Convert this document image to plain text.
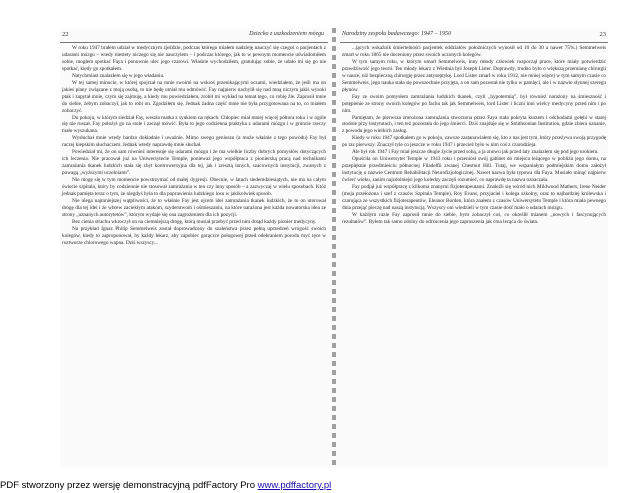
22	Dziecko z uszkodzeniem mózgu

W roku 1947 brałem udział w medycznym zjeździe, podczas którego miałem nadzieję nauczyć się czegoś o pacjentach z udarami mózgu – wtedy niestety niczego się nie nauczyłem – i podczas którego, jak to w pewnym momencie uświadomiłem sobie, mogłem spotkać Faya i ponownie ulec jego czarowi. Właśnie wychodziłem, gratulując sobie, że udało mi się go nie spotkać, kiedy go spotkałem.

Natychmiast znalazłem się w jego władaniu.

W tej samej minucie, w której spojrzał na mnie swoimi na wskroś przenikającymi oczami, wiedziałem, że jeśli ma on jakieś plany związane z moją osobą, to nie będę umiał mu odmówić. Fay najpierw nachylił się nad mną niczym jakiś wysoki ptak i zapytał mnie, czym się zajmuję, a kiedy mu powiedziałem, zrobił mi wykład na temat tego, co robię źle. Zaprosił mnie do siebie, żebym zobaczył, jak to robi on. Zgodziłem się. Jednak żadna część mnie nie była przygotowana na to, co miałem zobaczyć.

Do pokoju, w którym siedział Fay, weszła matka z synkiem na rękach. Chłopiec miał mniej więcej półtora roku i w ogóle się nie ruszał. Fay położył go na stole i zaczął mówić. Była to jego codzienna praktyka z udarami mózgu i w gruncie rzeczy mało wyszukana.

Wysłuchał mnie wtedy bardzo dokładnie i uważnie. Mimo swego geniuszu (a może właśnie z tego powodu) Fay był raczej kiepskim słuchaczem. Jednak wtedy naprawdę mnie słuchał.

Powiedział mi, że on sam również interesuje się udarami mózgu i że ma wielkie liczby dobrych pomysłów dotyczących ich leczenia. Nie pracował już na Uniwersytecie Temple, ponieważ jego współpraca z pionierską pracą nad technikami zamrażania tkanek ludzkich stała się zbyt kontrowersyjna dla tej, jak i zresztą innych, szacownych instytucji, zwanych z powagą „wyższymi uczelniami”.

Nie mogę się w tym momencie powstrzymać od małej dygresji. Obecnie, w latach siedemdziesiątych, nie ma na całym świecie szpitala, który by codziennie nie stosował zamrażania w ten czy inny sposób – a zazwyczaj w wielu sposobach. Któż jednak pamięta teraz o tym, że niegdyś była to dla poprawienia ludzkiego losu w jakikolwiek sposób.

Nie ulega najmniejszej wątpliwości, że to właśnie Fay jest ojcem idei zamrażania tkanek ludzkich, że to on utorował drogę dla tej idei i że wbrew zaciekłym atakom, szyderstwom i ośmieszaniu, na które narażona jest każda nowatorska idea ze strony „uznanych autorytetów”, którym wydaje się ona zagrożeniem dla ich pozycji.

Bez cienia strachu wkroczył on na ciemniejszą drogę, którą musiał przebyć przed nim dotąd każdy pionier medycyny.

Na przykład Ignaz Philip Semmelweis został doprowadzony do szaleństwa przez pełną uprzedzeń wrogość swoich kolegów, kiedy to zaproponował, by każdy lekarz, aby zapobiec gorączce połogowej przed odebraniem porodu myć ręce w roztworze chlorowego wapna. Dziś wszyscy...

Narodziny zespołu badawczego: 1947 – 1950	23

...jących wskaźnik śmiertelności pacjentek oddziałów położniczych wynosił od 10 do 30 a nawet 75%.) Semmelweis zmarł w roku 1865 nie doceniony przez swoich uczonych kolegów.

W tym samym roku, w którym umarł Semmelweis, inny młody człowiek rozpoczął prace, które miały potwierdzić prawdziwość jego teorii. Ten młody lekarz z Wiednia był Joseph Lister. Doprawdy, trudno było o większą przemianę chirurgii w nauce, niż bezpieczną chirurgię przez antyseptykę. Lord Lister zmarł w roku 1912, nie mniej więcej w tym samym czasie co Semmelweis, jego nauka stała się powszechnie przyjęta, a on sam pozostał nie tylko w pamięci, ale i w nazwie słynnej szeregu płynów.

Fay ze swoim pomysłem zamrażania ludzkich tkanek, czyli „hypotermią”, był również narażony na śmieszność i potępienie ze strony swoich kolegów po fachu tak jak Semmelweis, lord Lister i liczni inni wielcy medycyny przed nim i po nim.

Pamiętam, że pierwsza zmrożona zamrażania stworzona przez Faya stała pokryta kurzem i odchodami gołębi w starej stodole przy instytutach, i ten też pozostała do jego śmierci. Dziś znajduje się w Smithsonian Institution, gdzie zbiera uznanie, z powodu jego wielkich zasług.

Kiedy w roku 1947 spotkałem go w pokoju, zawsze zastanawiałem się, kto z nas jest tym, który przeżywa swoją przygodę po raz pierwszy. Znaczył tyle co jeszcze w roku 1947 i przecież było w nim coś z czarodzieja.

Ale był rok 1947 i Fay miał jeszcze długie życie przed sobą, a ja znowu jak przed laty znalazłem się pod jego urokiem.

Opuściła on Uniwersytet Temple w 1943 roku i przeniósł swój gabinet do miejsca leżącego w pobliżu jego domu, na przepięknie przedmieściu północnej Filadelfii zwanej Chestnut Hill. Tutaj, we wspaniałym podmiejskim domu założył instytucję o nazwie Centrum Rehabilitacji Neurofizjologicznej. Nawet nazwa była typowa dla Faya. Musiało minąć najpierw ćwierć wieku, zanim najzdolniejsi jego koledzy zaczęli rozumieć, co naprawdę ta nazwa oznaczała.

Fay podjął już współpracę z kilkoma znanymi fizjoterapeutami. Znaleźli się wśród nich Mildwood Mathers, Irene Neider (moja przełożona i szef z czasów Szpitala Temple), Roy Evans, przyjaciel i kolega szkolny, oraz to najbardziej królewska i czarująca ze wszystkich fizjoterapeutów, Eleanor Borden, która znałem z czasów Uniwersytetu Temple i która miała pewnego dnia przejąć pieczę nad naszą instytucją. Wszyscy oni wiedzieli w tym czasie dość mało o udarach mózgu.

W każdym razie Fay zaprosił mnie do siebie, bym zobaczył coś, co określił mianem „nowych i fascynujących rezultatów”. Byłem tak samo zdolny do odrzucenia jego zaproszenia jak ćma lecąca do świata.

PDF stworzony przez wersję demonstracyjną pdfFactory Pro www.pdffactory.pl
